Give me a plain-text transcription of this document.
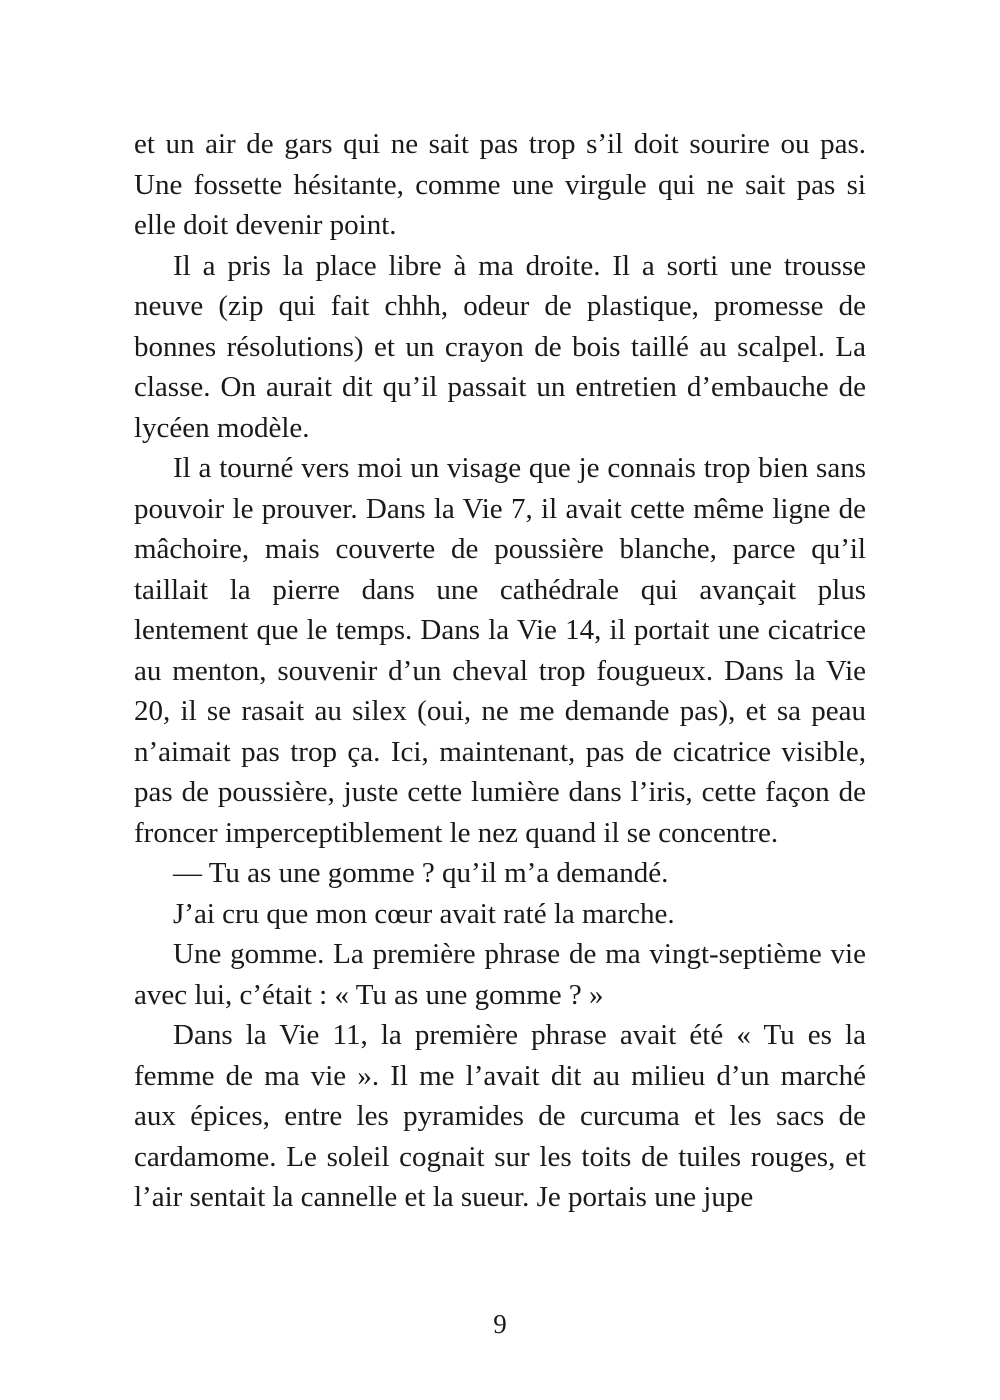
et un air de gars qui ne sait pas trop s’il doit sourire ou pas. Une fossette hésitante, comme une virgule qui ne sait pas si elle doit devenir point.

Il a pris la place libre à ma droite. Il a sorti une trousse neuve (zip qui fait chhh, odeur de plastique, promesse de bonnes résolutions) et un crayon de bois taillé au scalpel. La classe. On aurait dit qu’il passait un entretien d’embauche de lycéen modèle.

Il a tourné vers moi un visage que je connais trop bien sans pouvoir le prouver. Dans la Vie 7, il avait cette même ligne de mâchoire, mais couverte de poussière blanche, parce qu’il taillait la pierre dans une cathédrale qui avançait plus lentement que le temps. Dans la Vie 14, il portait une cicatrice au menton, souvenir d’un cheval trop fougueux. Dans la Vie 20, il se rasait au silex (oui, ne me demande pas), et sa peau n’aimait pas trop ça. Ici, maintenant, pas de cicatrice visible, pas de poussière, juste cette lumière dans l’iris, cette façon de froncer imperceptiblement le nez quand il se concentre.

— Tu as une gomme ? qu’il m’a demandé.

J’ai cru que mon cœur avait raté la marche.

Une gomme. La première phrase de ma vingt-septième vie avec lui, c’était : « Tu as une gomme ? »

Dans la Vie 11, la première phrase avait été « Tu es la femme de ma vie ». Il me l’avait dit au milieu d’un marché aux épices, entre les pyramides de curcuma et les sacs de cardamome. Le soleil cognait sur les toits de tuiles rouges, et l’air sentait la cannelle et la sueur. Je portais une jupe

9
